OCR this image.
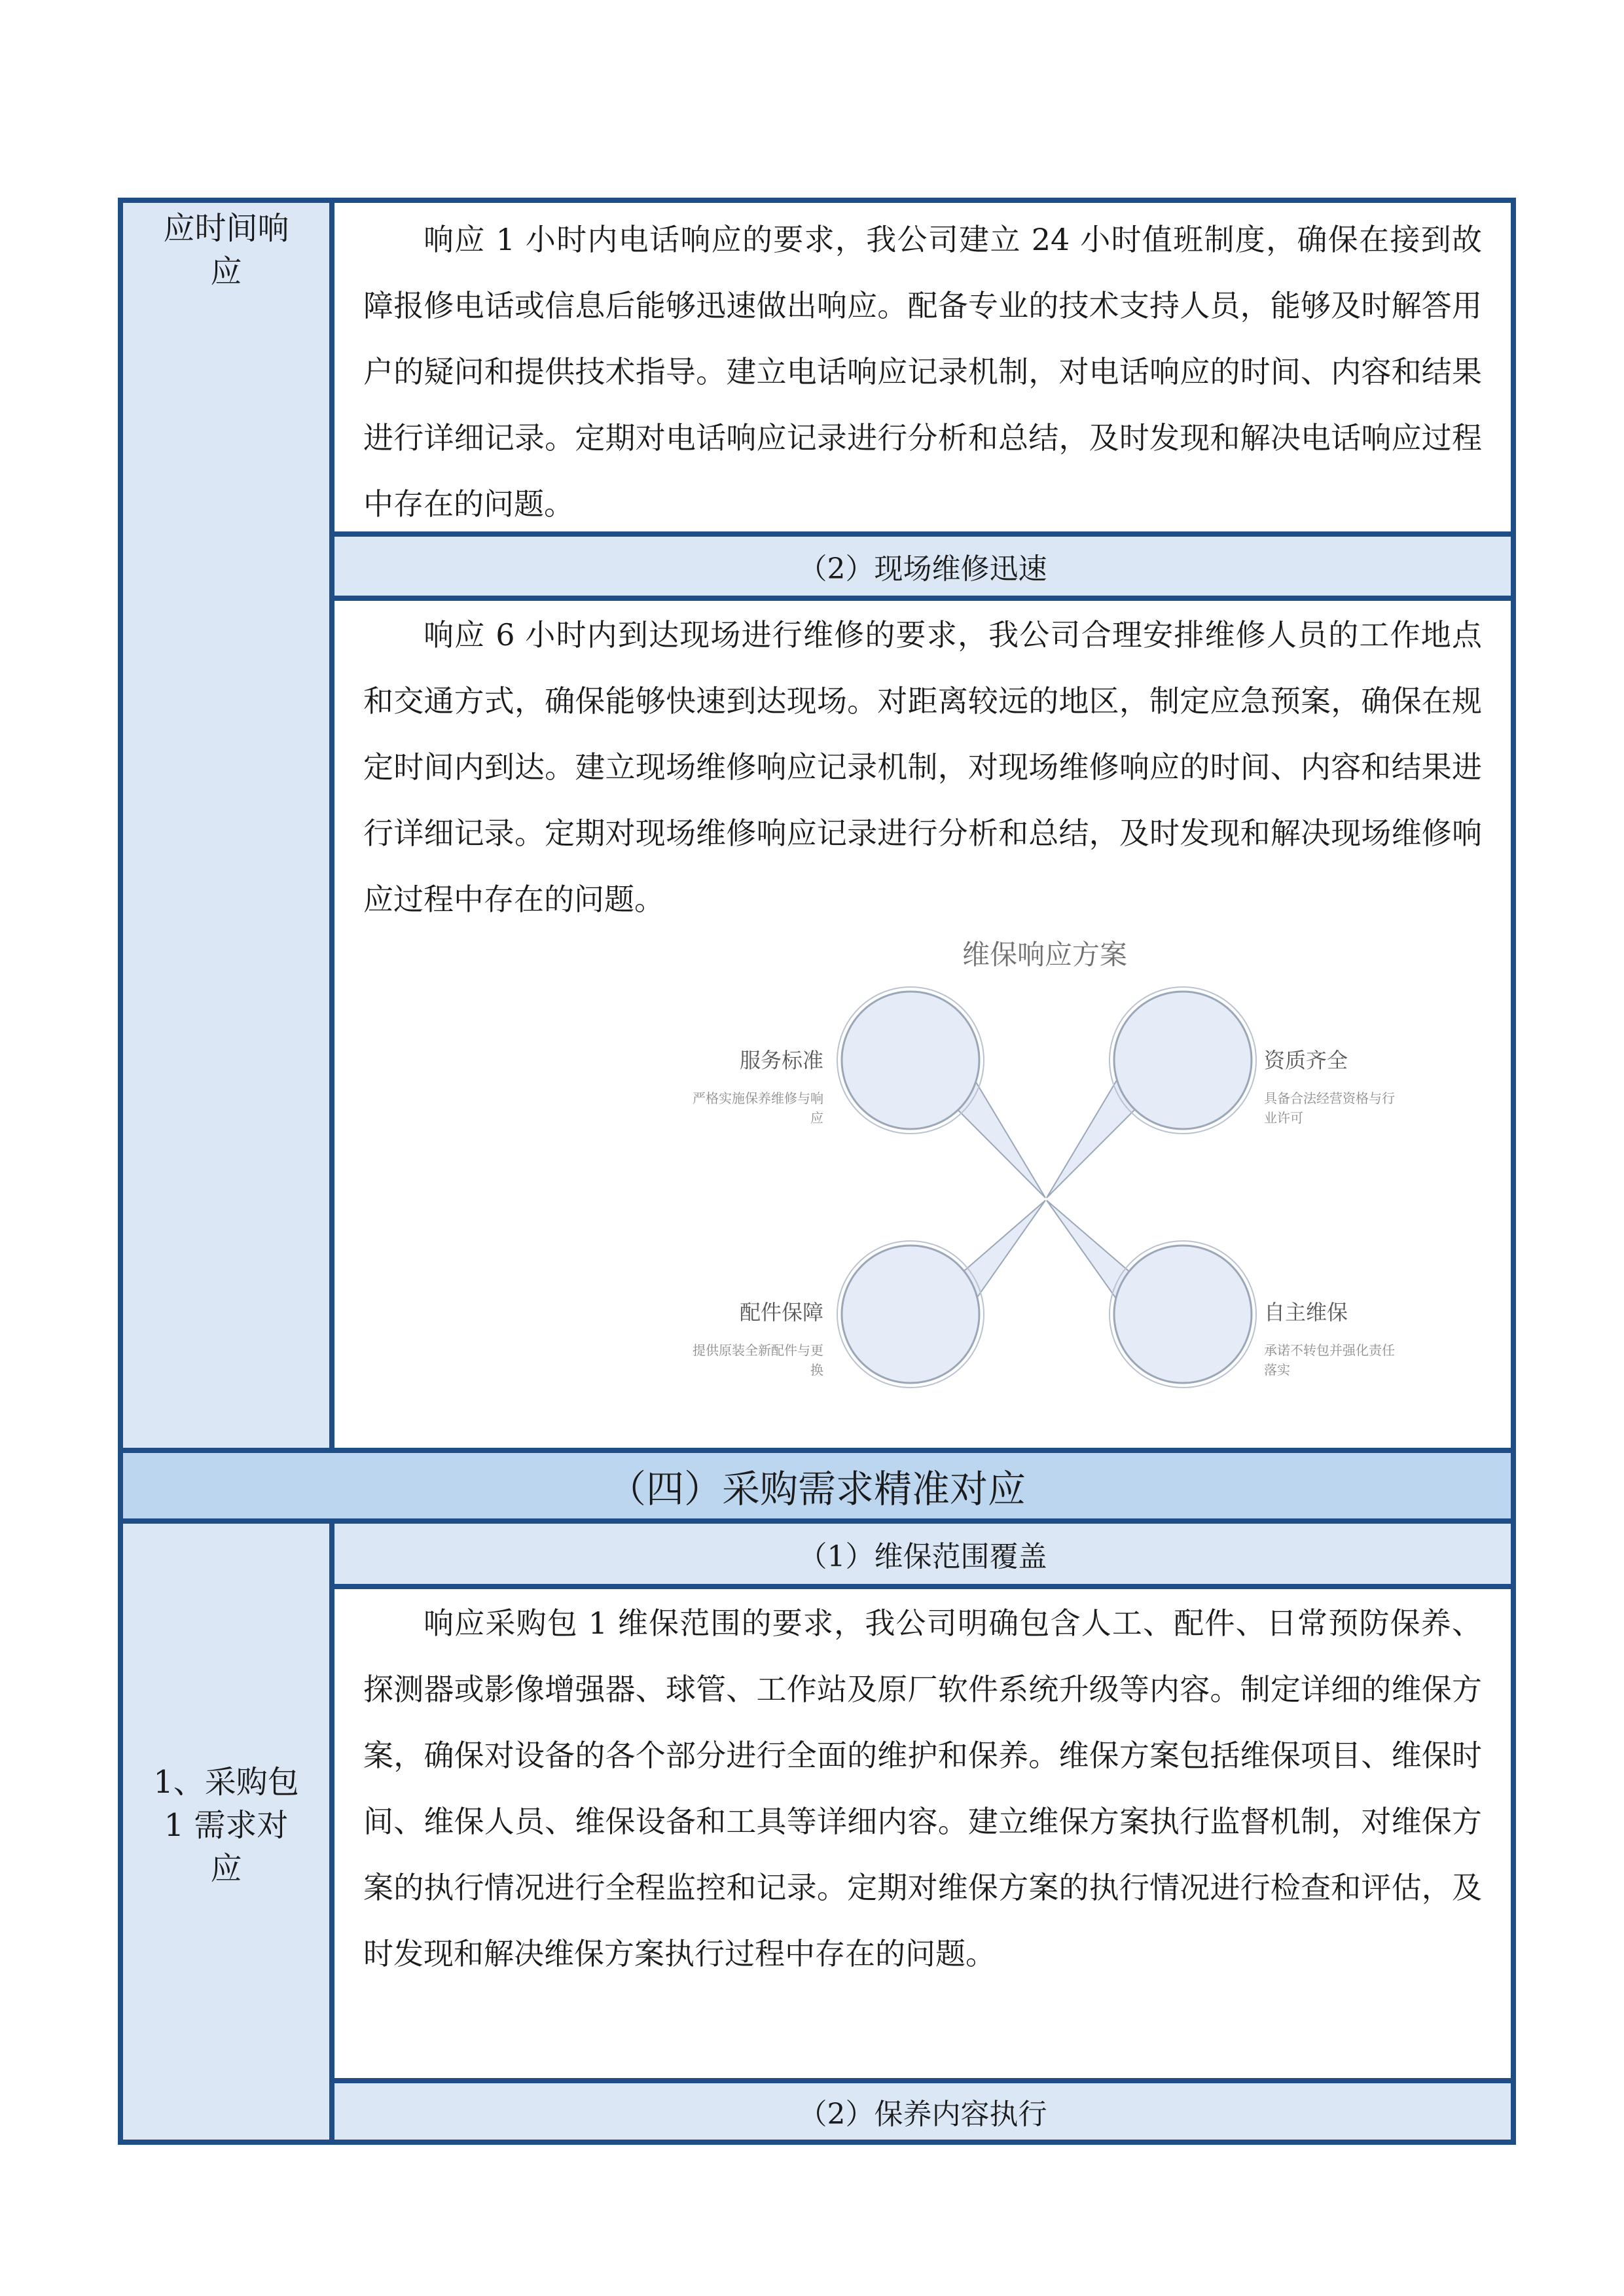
应时间响
应
响应 1 小时内电话响应的要求，我公司建立 24 小时值班制度，确保在接到故障报修电话或信息后能够迅速做出响应。配备专业的技术支持人员，能够及时解答用户的疑问和提供技术指导。建立电话响应记录机制，对电话响应的时间、内容和结果进行详细记录。定期对电话响应记录进行分析和总结，及时发现和解决电话响应过程中存在的问题。
（2）现场维修迅速
响应 6 小时内到达现场进行维修的要求，我公司合理安排维修人员的工作地点和交通方式，确保能够快速到达现场。对距离较远的地区，制定应急预案，确保在规定时间内到达。建立现场维修响应记录机制，对现场维修响应的时间、内容和结果进行详细记录。定期对现场维修响应记录进行分析和总结，及时发现和解决现场维修响应过程中存在的问题。
维保响应方案
服务标准
严格实施保养维修与响
应
资质齐全
具备合法经营资格与行
业许可
配件保障
提供原装全新配件与更
换
自主维保
承诺不转包并强化责任
落实
（四）采购需求精准对应
1、采购包
1 需求对
应
（1）维保范围覆盖
响应采购包 1 维保范围的要求，我公司明确包含人工、配件、日常预防保养、探测器或影像增强器、球管、工作站及原厂软件系统升级等内容。制定详细的维保方案，确保对设备的各个部分进行全面的维护和保养。维保方案包括维保项目、维保时间、维保人员、维保设备和工具等详细内容。建立维保方案执行监督机制，对维保方案的执行情况进行全程监控和记录。定期对维保方案的执行情况进行检查和评估，及时发现和解决维保方案执行过程中存在的问题。
（2）保养内容执行
